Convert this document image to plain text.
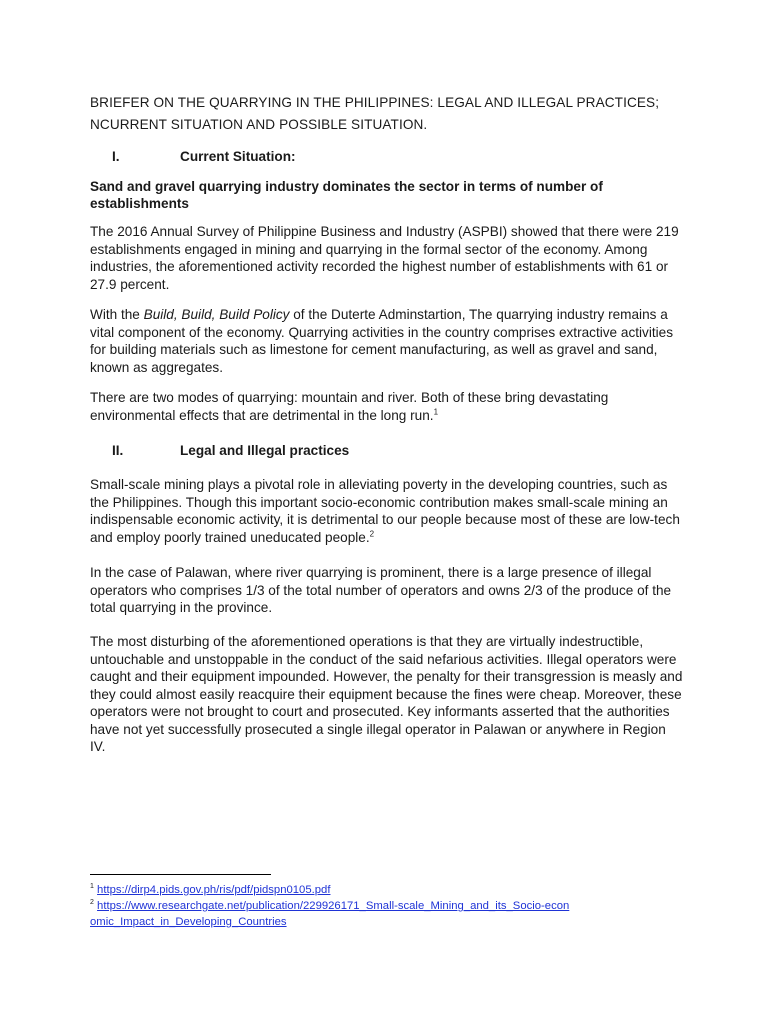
BRIEFER ON THE QUARRYING IN THE PHILIPPINES: LEGAL AND ILLEGAL PRACTICES;
NCURRENT SITUATION AND POSSIBLE SITUATION.
I.	Current Situation:
Sand and gravel quarrying industry dominates the sector in terms of number of establishments

The 2016 Annual Survey of Philippine Business and Industry (ASPBI) showed that there were 219 establishments engaged in mining and quarrying in the formal sector of the economy. Among industries, the aforementioned activity recorded the highest number of establishments with 61 or 27.9 percent.

With the Build, Build, Build Policy of the Duterte Adminstartion, The quarrying industry remains a vital component of the economy. Quarrying activities in the country comprises extractive activities for building materials such as limestone for cement manufacturing, as well as gravel and sand, known as aggregates.

There are two modes of quarrying: mountain and river. Both of these bring devastating environmental effects that are detrimental in the long run.$^1$

II.	Legal and Illegal practices

Small-scale mining plays a pivotal role in alleviating poverty in the developing countries, such as the Philippines. Though this important socio-economic contribution makes small-scale mining an indispensable economic activity, it is detrimental to our people because most of these are low-tech and employ poorly trained uneducated people.$^2$

In the case of Palawan, where river quarrying is prominent, there is a large presence of illegal operators who comprises 1/3 of the total number of operators and owns 2/3 of the produce of the total quarrying in the province.

The most disturbing of the aforementioned operations is that they are virtually indestructible, untouchable and unstoppable in the conduct of the said nefarious activities. Illegal operators were caught and their equipment impounded. However, the penalty for their transgression is measly and they could almost easily reacquire their equipment because the fines were cheap. Moreover, these operators were not brought to court and prosecuted. Key informants asserted that the authorities have not yet successfully prosecuted a single illegal operator in Palawan or anywhere in Region IV.

$^1$ https://dirp4.pids.gov.ph/ris/pdf/pidspn0105.pdf
$^2$ https://www.researchgate.net/publication/229926171_Small-scale_Mining_and_its_Socio-economic_Impact_in_Developing_Countries
